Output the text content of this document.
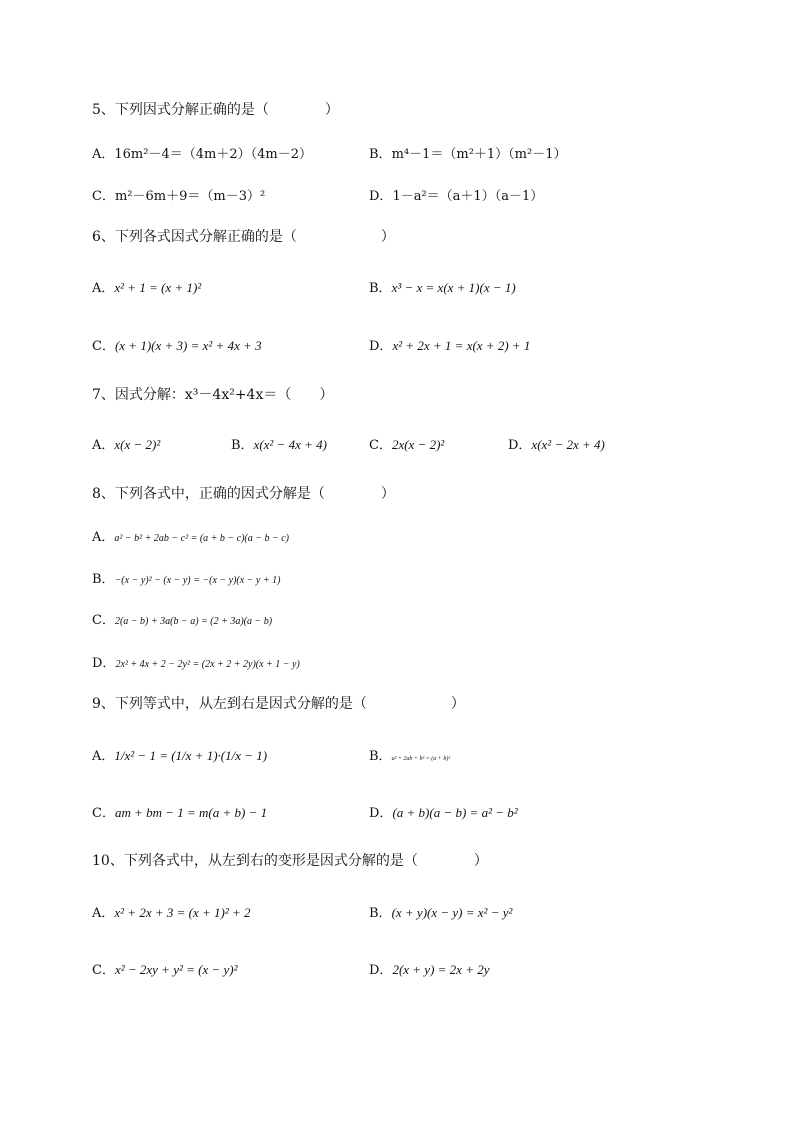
5、下列因式分解正确的是（　　　　）
A．16m²－4＝（4m＋2）（4m－2）	B．m⁴－1＝（m²＋1）（m²－1）
C．m²－6m＋9＝（m－3）²	D．1－a²＝（a＋1）（a－1）
6、下列各式因式分解正确的是（　　　　　　）
A．x² + 1 = (x + 1)²	B．x³ − x = x(x + 1)(x − 1)
C．(x + 1)(x + 3) = x² + 4x + 3	D．x² + 2x + 1 = x(x + 2) + 1
7、因式分解：x³－4x²+4x＝（　　）
A．x(x − 2)²	B．x(x² − 4x + 4)	C．2x(x − 2)²	D．x(x² − 2x + 4)
8、下列各式中，正确的因式分解是（　　　　）
A．a² − b² + 2ab − c² = (a + b − c)(a − b − c)
B．−(x − y)² − (x − y) = −(x − y)(x − y + 1)
C．2(a − b) + 3a(b − a) = (2 + 3a)(a − b)
D．2x² + 4x + 2 − 2y² = (2x + 2 + 2y)(x + 1 − y)
9、下列等式中，从左到右是因式分解的是（　　　　　　）
A．1/x² − 1 = (1/x + 1)·(1/x − 1)	B．a² + 2ab + b² = (a + b)²
C．am + bm − 1 = m(a + b) − 1	D．(a + b)(a − b) = a² − b²
10、下列各式中，从左到右的变形是因式分解的是（　　　　）
A．x² + 2x + 3 = (x + 1)² + 2	B．(x + y)(x − y) = x² − y²
C．x² − 2xy + y² = (x − y)²	D．2(x + y) = 2x + 2y
